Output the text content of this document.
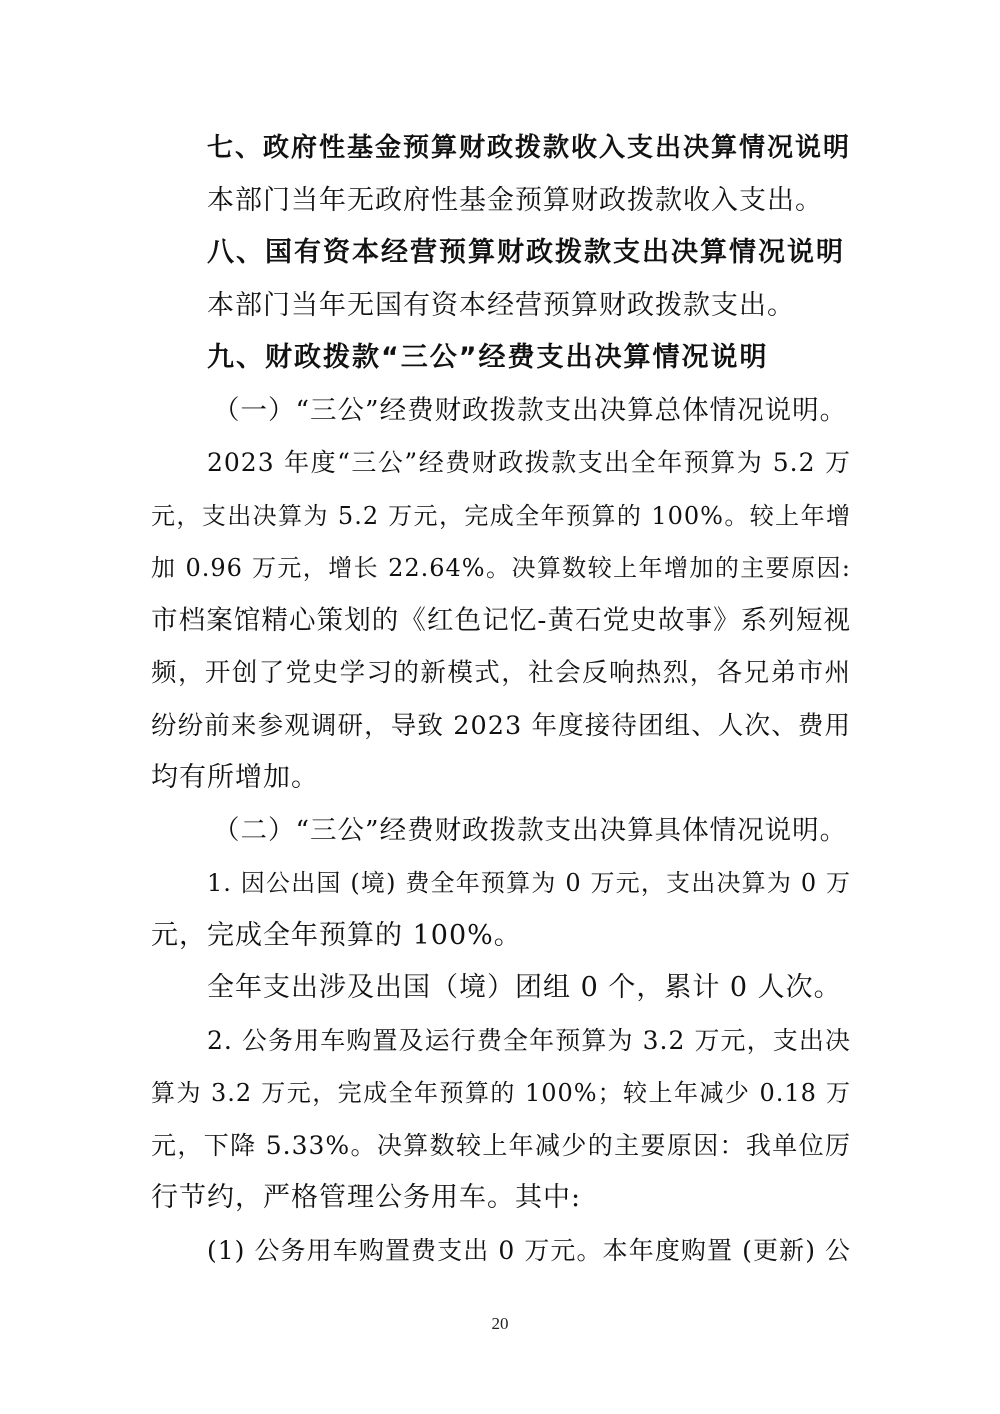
七、政府性基金预算财政拨款收入支出决算情况说明
本部门当年无政府性基金预算财政拨款收入支出。
八、国有资本经营预算财政拨款支出决算情况说明
本部门当年无国有资本经营预算财政拨款支出。
九、财政拨款“三公”经费支出决算情况说明
（一）“三公”经费财政拨款支出决算总体情况说明。
2023 年度“三公”经费财政拨款支出全年预算为 5.2 万
元，支出决算为 5.2 万元，完成全年预算的 100%。较上年增
加 0.96 万元，增长 22.64%。决算数较上年增加的主要原因:
市档案馆精心策划的《红色记忆-黄石党史故事》系列短视
频，开创了党史学习的新模式，社会反响热烈，各兄弟市州
纷纷前来参观调研，导致 2023 年度接待团组、人次、费用
均有所增加。
（二）“三公”经费财政拨款支出决算具体情况说明。
1. 因公出国 (境) 费全年预算为 0 万元，支出决算为 0 万
元，完成全年预算的 100%。
全年支出涉及出国（境）团组 0 个，累计 0 人次。
2. 公务用车购置及运行费全年预算为 3.2 万元，支出决
算为 3.2 万元，完成全年预算的 100%；较上年减少 0.18 万
元，下降 5.33%。决算数较上年减少的主要原因：我单位厉
行节约，严格管理公务用车。其中:
(1) 公务用车购置费支出 0 万元。本年度购置 (更新) 公
20
